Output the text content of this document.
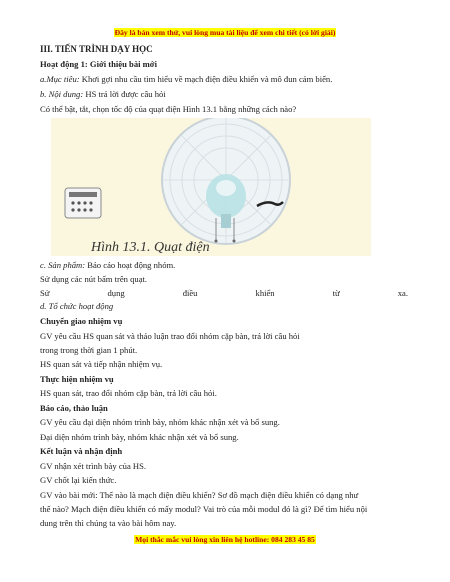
Đây là bản xem thử, vui lòng mua tài liệu để xem chi tiết (có lời giải)
III. TIẾN TRÌNH DẠY HỌC
Hoạt động 1: Giới thiệu bài mới
a.Mục tiêu: Khơi gợi nhu cầu tìm hiểu về mạch điện điều khiển và mô đun cảm biến.
b. Nội dung: HS trả lời được câu hỏi
Có thể bật, tắt, chọn tốc độ của quạt điện Hình 13.1 bằng những cách nào?
Hình 13.1. Quạt điện
c. Sản phẩm: Báo cáo hoạt động nhóm.
Sử dụng các nút bấm trên quạt.
Sử	dụng	điều	khiển	từ	xa.
d. Tổ chức hoạt động
Chuyển giao nhiệm vụ
GV yêu cầu HS quan sát và thảo luận trao đổi nhóm cặp bàn, trả lời câu hỏi
trong trong thời gian 1 phút.
HS quan sát và tiếp nhận nhiệm vụ.
Thực hiện nhiệm vụ
HS quan sát, trao đổi nhóm cặp bàn, trả lời câu hỏi.
Báo cáo, thảo luận
GV yêu cầu đại diện nhóm trình bày, nhóm khác nhận xét và bổ sung.
Đại diện nhóm trình bày, nhóm khác nhận xét và bổ sung.
Kết luận và nhận định
GV nhận xét trình bày của HS.
GV chốt lại kiến thức.
GV vào bài mới: Thế nào là mạch điện điều khiển? Sơ đồ mạch điện điều khiển có dạng như
thế nào? Mạch điện điều khiển có mấy modul? Vai trò của mỗi modul đó là gì? Để tìm hiểu nội
dung trên thì chúng ta vào bài hôm nay.
Mọi thắc mắc vui lòng xin liên hệ hotline: 084 283 45 85
